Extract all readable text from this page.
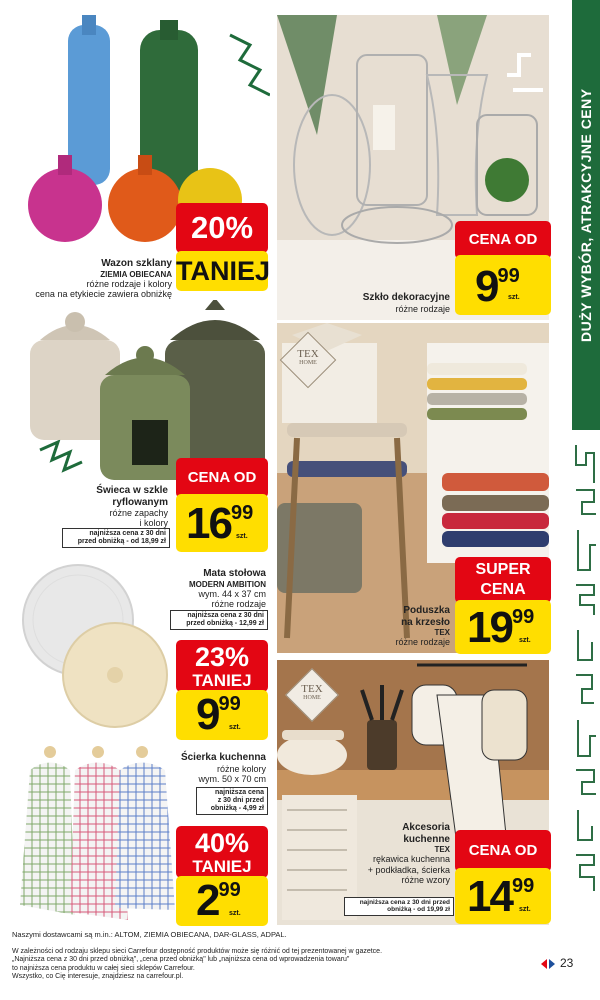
DUŻY WYBÓR, ATRAKCYJNE CENY
20%
TANIEJ
Wazon szklany
ZIEMIA OBIECANA
różne rodzaje i kolory
cena na etykiecie zawiera obniżkę
CENA OD
999
szt.
Szkło dekoracyjne
różne rodzaje
CENA OD
1699
szt.
Świeca w szkle
ryflowanym
różne zapachy
i kolory
najniższa cena z 30 dni
przed obniżką - od 18,99 zł
Mata stołowa
MODERN AMBITION
wym. 44 x 37 cm
różne rodzaje
najniższa cena z 30 dni
przed obniżką - 12,99 zł
23%
TANIEJ
999
szt.
Ścierka kuchenna
różne kolory
wym. 50 x 70 cm
najniższa cena
z 30 dni przed
obniżką - 4,99 zł
40%
TANIEJ
299
szt.
TEX
HOME
SUPER
CENA
1999
szt.
Poduszka
na krzesło
TEX
różne rodzaje
TEX
HOME
Akcesoria
kuchenne
TEX
rękawica kuchenna
+ podkładka, ścierka
różne wzory
najniższa cena z 30 dni przed obniżką - od 19,99 zł
CENA OD
1499
szt.
Naszymi dostawcami są m.in.: ALTOM, ZIEMIA OBIECANA, DAR-GLASS, ADPAL.
W zależności od rodzaju sklepu sieci Carrefour dostępność produktów może się różnić od tej prezentowanej w gazetce.
„Najniższa cena z 30 dni przed obniżką", „cena przed obniżką" lub „najniższa cena od wprowadzenia towaru"
to najniższa cena produktu w całej sieci sklepów Carrefour.
Wszystko, co Cię interesuje, znajdziesz na carrefour.pl.
23
